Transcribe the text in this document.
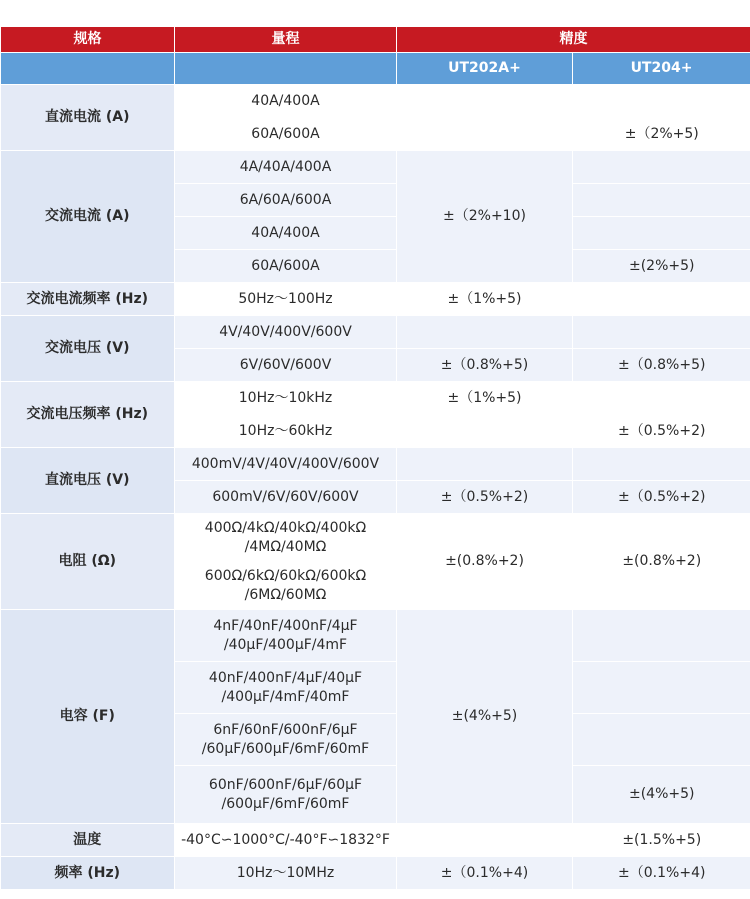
规格	量程	精度	
		UT202A+	UT204+
直流电流 (A)	40A/400A		
	60A/600A		±（2%+5)
交流电流 (A)	4A/40A/400A	±（2%+10)	
	6A/60A/600A		
	40A/400A		
	60A/600A		±(2%+5)
交流电流频率 (Hz)	50Hz～100Hz	±（1%+5)	
交流电压 (V)	4V/40V/400V/600V		
	6V/60V/600V	±（0.8%+5)	±（0.8%+5)
交流电压频率 (Hz)	10Hz～10kHz	±（1%+5)	
	10Hz～60kHz		±（0.5%+2)
直流电压 (V)	400mV/4V/40V/400V/600V		
	600mV/6V/60V/600V	±（0.5%+2)	±（0.5%+2)
电阻 (Ω)	400Ω/4kΩ/40kΩ/400kΩ
/4MΩ/40MΩ	±(0.8%+2)	±(0.8%+2)
	600Ω/6kΩ/60kΩ/600kΩ
/6MΩ/60MΩ		
电容 (F)	4nF/40nF/400nF/4μF
/40μF/400μF/4mF	±(4%+5)	
	40nF/400nF/4μF/40μF
/400μF/4mF/40mF		
	6nF/60nF/600nF/6μF
/60μF/600μF/6mF/60mF		
	60nF/600nF/6μF/60μF
/600μF/6mF/60mF		±(4%+5)
温度	-40°C∽1000°C/-40°F∽1832°F		±(1.5%+5)
频率 (Hz)	10Hz～10MHz	±（0.1%+4)	±（0.1%+4)
